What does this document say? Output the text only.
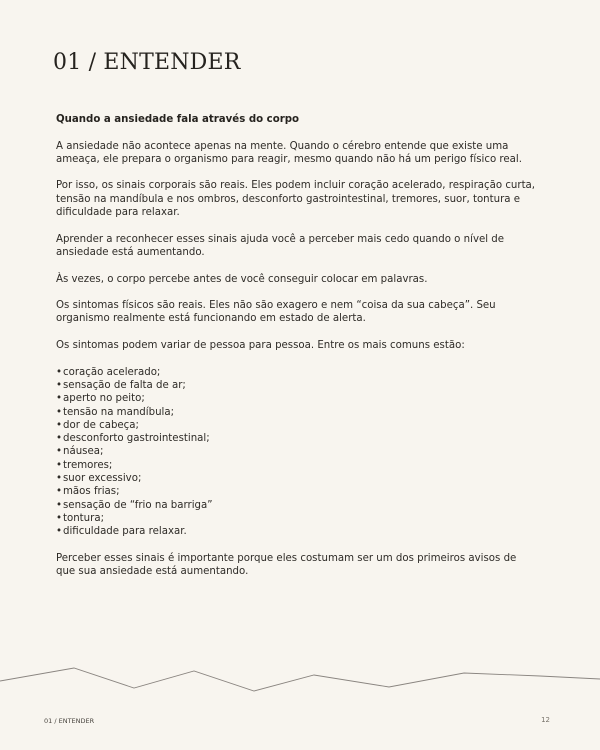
01 / ENTENDER
Quando a ansiedade fala através do corpo

A ansiedade não acontece apenas na mente. Quando o cérebro entende que existe uma ameaça, ele prepara o organismo para reagir, mesmo quando não há um perigo físico real.

Por isso, os sinais corporais são reais. Eles podem incluir coração acelerado, respiração curta, tensão na mandíbula e nos ombros, desconforto gastrointestinal, tremores, suor, tontura e dificuldade para relaxar.

Aprender a reconhecer esses sinais ajuda você a perceber mais cedo quando o nível de ansiedade está aumentando.

Às vezes, o corpo percebe antes de você conseguir colocar em palavras.

Os sintomas físicos são reais. Eles não são exagero e nem “coisa da sua cabeça”. Seu organismo realmente está funcionando em estado de alerta.

Os sintomas podem variar de pessoa para pessoa. Entre os mais comuns estão:

•coração acelerado;
•sensação de falta de ar;
•aperto no peito;
•tensão na mandíbula;
•dor de cabeça;
•desconforto gastrointestinal;
•náusea;
•tremores;
•suor excessivo;
•mãos frias;
•sensação de “frio na barriga”
•tontura;
•dificuldade para relaxar.

Perceber esses sinais é importante porque eles costumam ser um dos primeiros avisos de que sua ansiedade está aumentando.

01 / ENTENDER	12
